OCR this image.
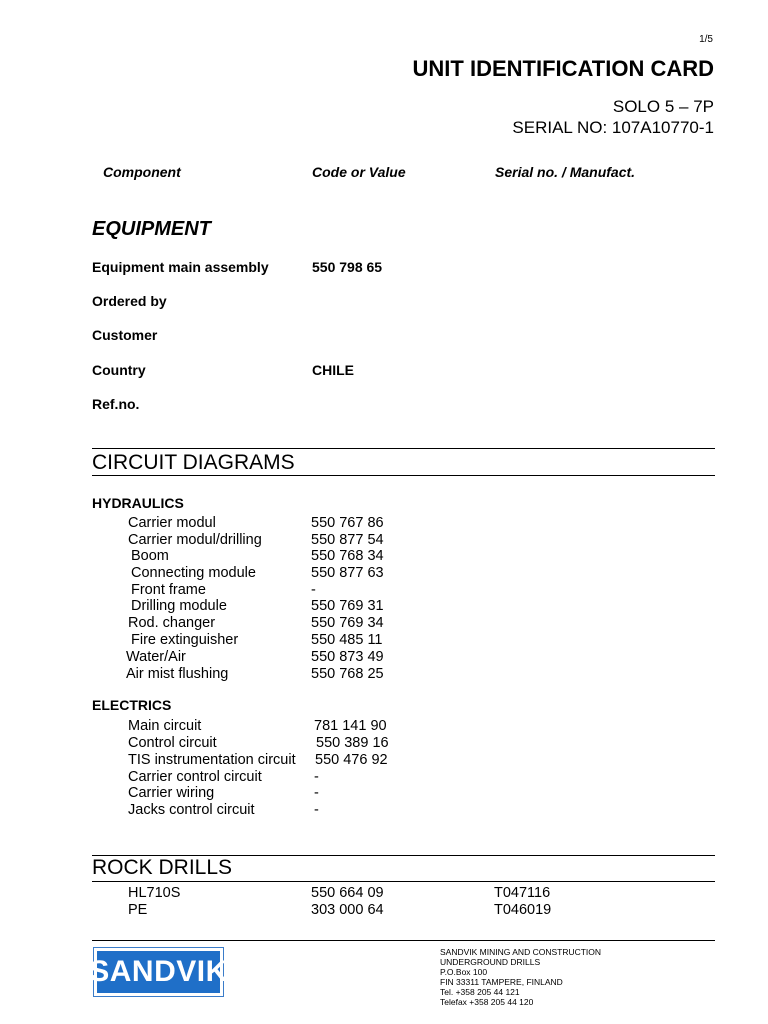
1/5
UNIT IDENTIFICATION CARD
SOLO 5 – 7P
SERIAL NO: 107A10770-1
Component	Code or Value	Serial no. / Manufact.
EQUIPMENT
Equipment main assembly	550 798 65
Ordered by
Customer
Country	CHILE
Ref.no.
CIRCUIT DIAGRAMS
HYDRAULICS
Carrier modul	550 767 86
Carrier modul/drilling	550 877 54
Boom	550 768 34
Connecting module	550 877 63
Front frame	-
Drilling module	550 769 31
Rod. changer	550 769 34
Fire extinguisher	550 485 11
Water/Air	550 873 49
Air mist flushing	550 768 25
ELECTRICS
Main circuit	781 141 90
Control circuit	550 389 16
TIS instrumentation circuit 550 476 92
Carrier control circuit	-
Carrier wiring	-
Jacks control circuit	-
ROCK DRILLS
HL710S	550 664 09	T047116
PE	303 000 64	T046019
SANDVIK
SANDVIK MINING AND CONSTRUCTION
UNDERGROUND DRILLS
P.O.Box 100
FIN 33311 TAMPERE, FINLAND
Tel. +358 205 44 121
Telefax +358 205 44 120
